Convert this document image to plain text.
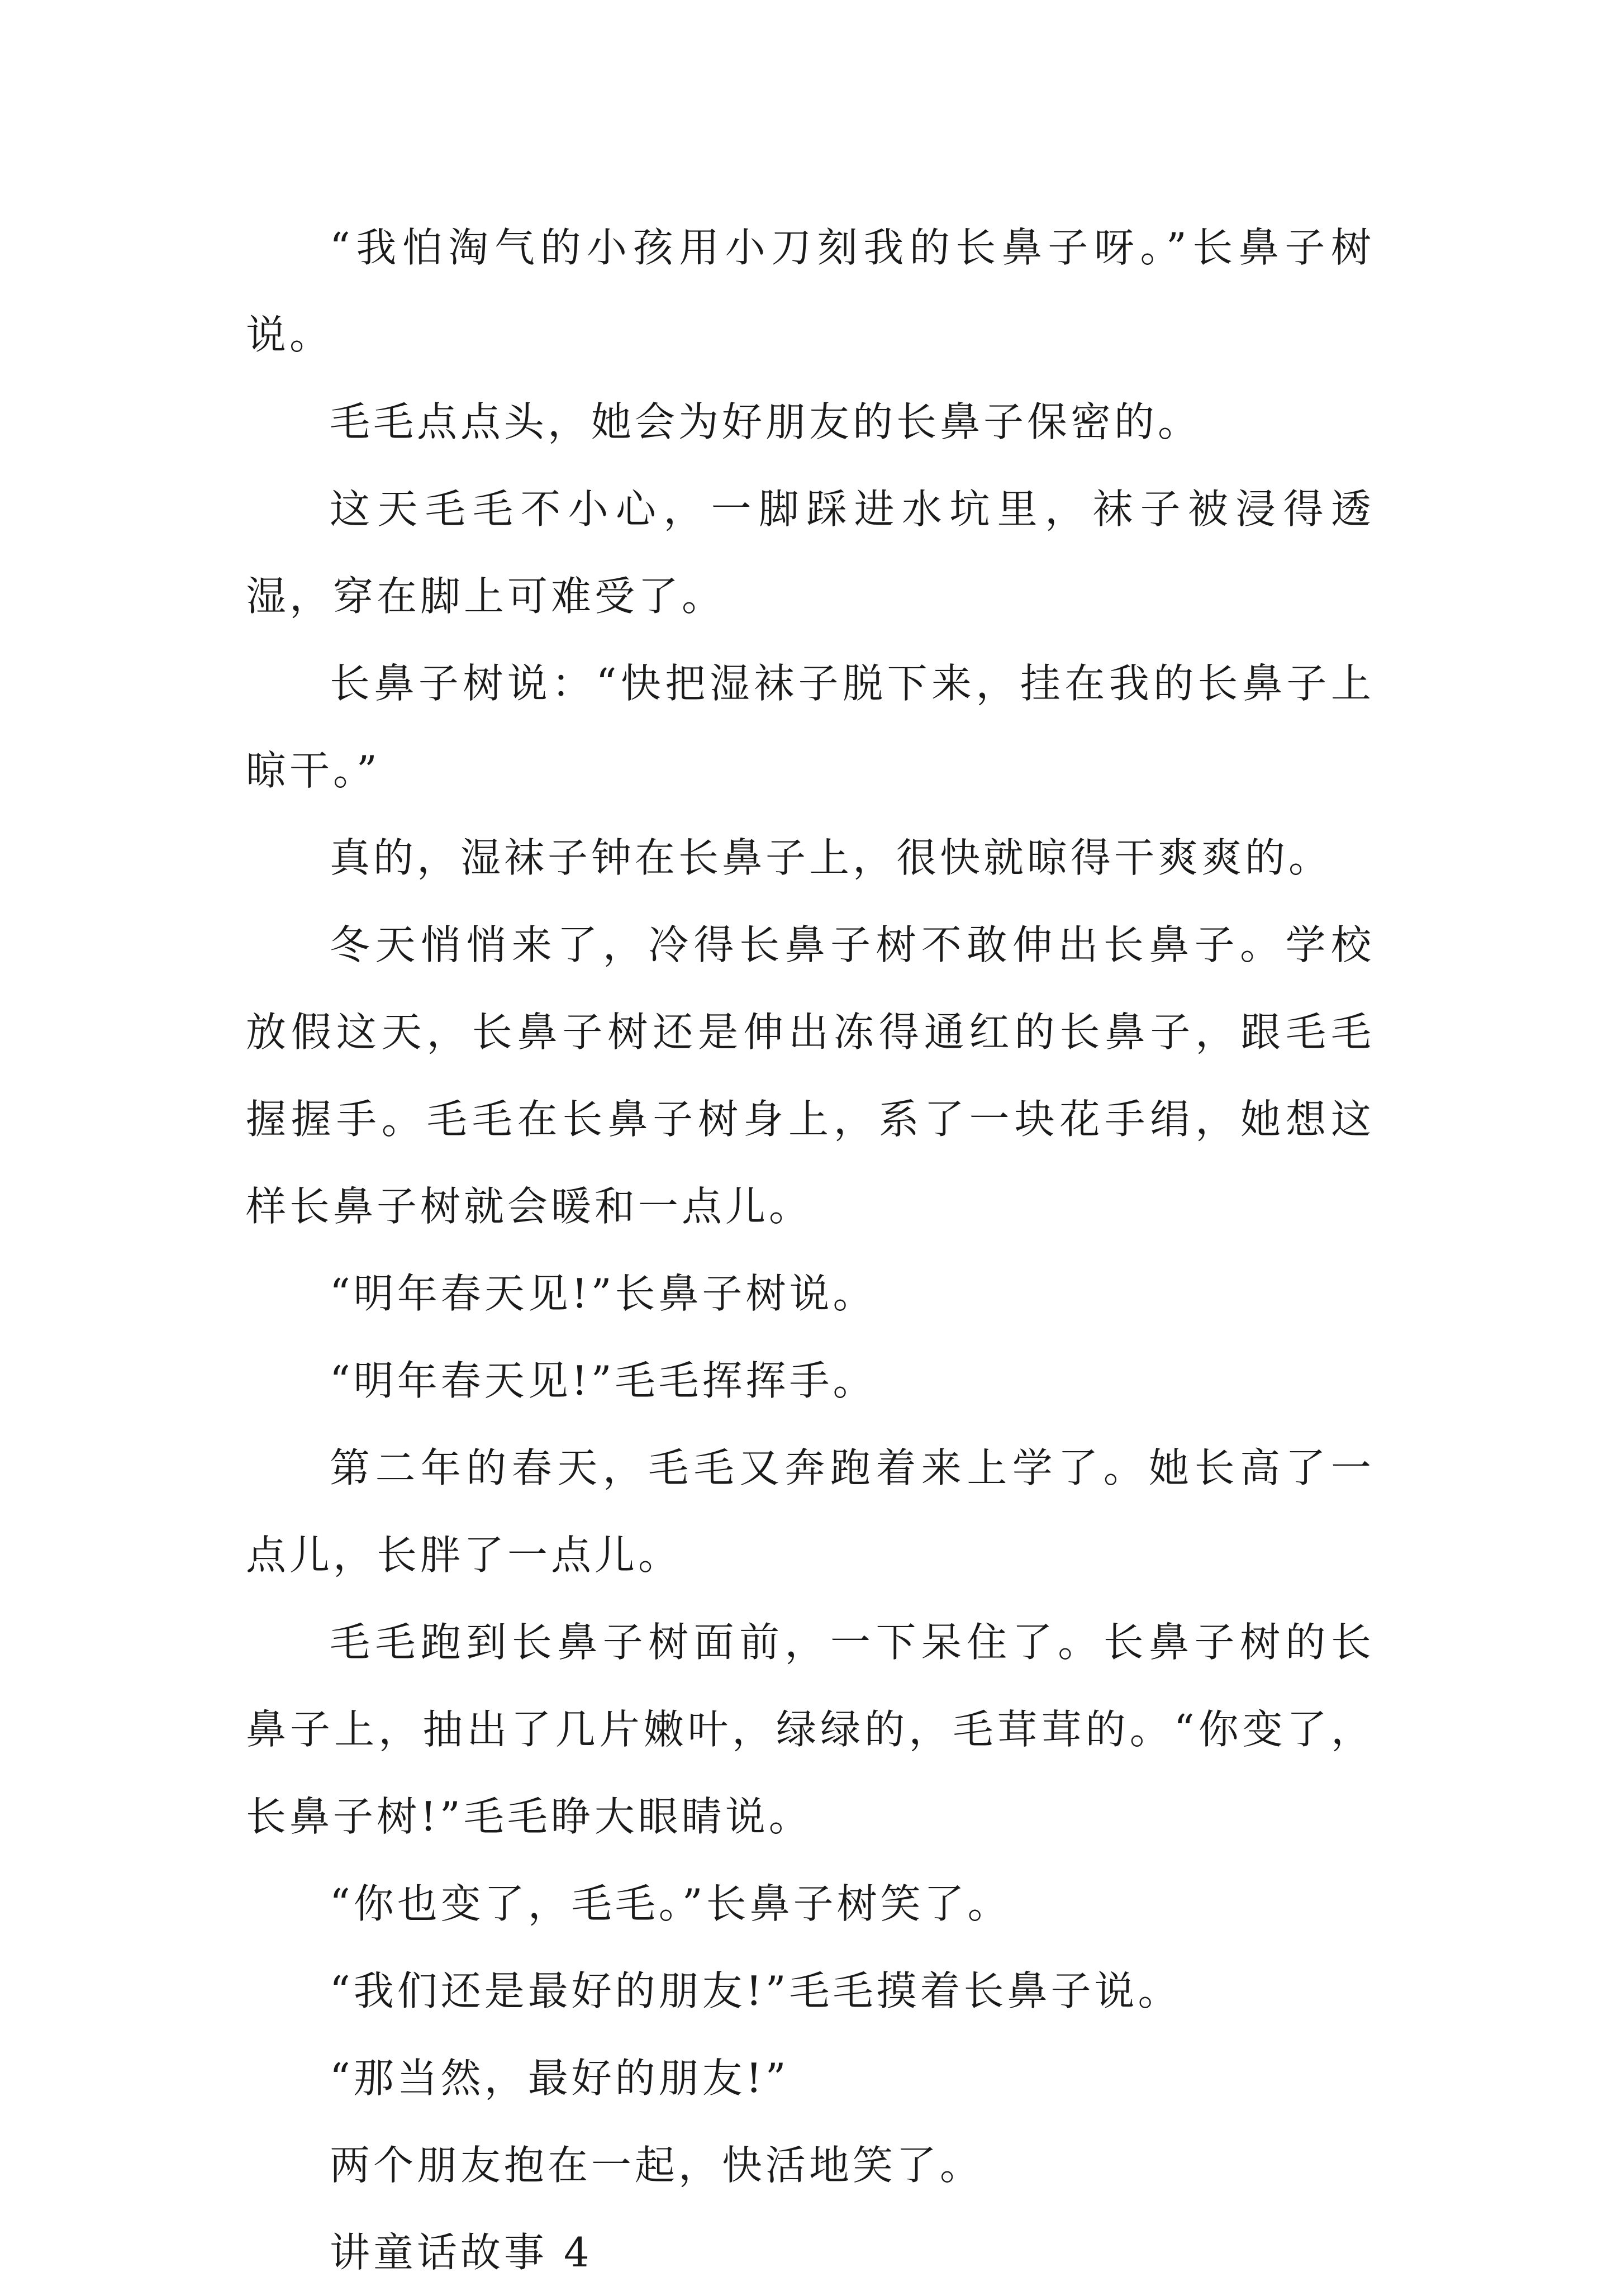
“我怕淘气的小孩用小刀刻我的长鼻子呀。”长鼻子树说。

毛毛点点头，她会为好朋友的长鼻子保密的。

这天毛毛不小心，一脚踩进水坑里，袜子被浸得透湿，穿在脚上可难受了。

长鼻子树说：“快把湿袜子脱下来，挂在我的长鼻子上晾干。”

真的，湿袜子钟在长鼻子上，很快就晾得干爽爽的。

冬天悄悄来了，冷得长鼻子树不敢伸出长鼻子。学校放假这天，长鼻子树还是伸出冻得通红的长鼻子，跟毛毛握握手。毛毛在长鼻子树身上，系了一块花手绢，她想这样长鼻子树就会暖和一点儿。

“明年春天见!”长鼻子树说。

“明年春天见!”毛毛挥挥手。

第二年的春天，毛毛又奔跑着来上学了。她长高了一点儿，长胖了一点儿。

毛毛跑到长鼻子树面前，一下呆住了。长鼻子树的长鼻子上，抽出了几片嫩叶，绿绿的，毛茸茸的。“你变了，长鼻子树!”毛毛睁大眼睛说。

“你也变了，毛毛。”长鼻子树笑了。

“我们还是最好的朋友!”毛毛摸着长鼻子说。

“那当然，最好的朋友!”

两个朋友抱在一起，快活地笑了。

讲童话故事 4
